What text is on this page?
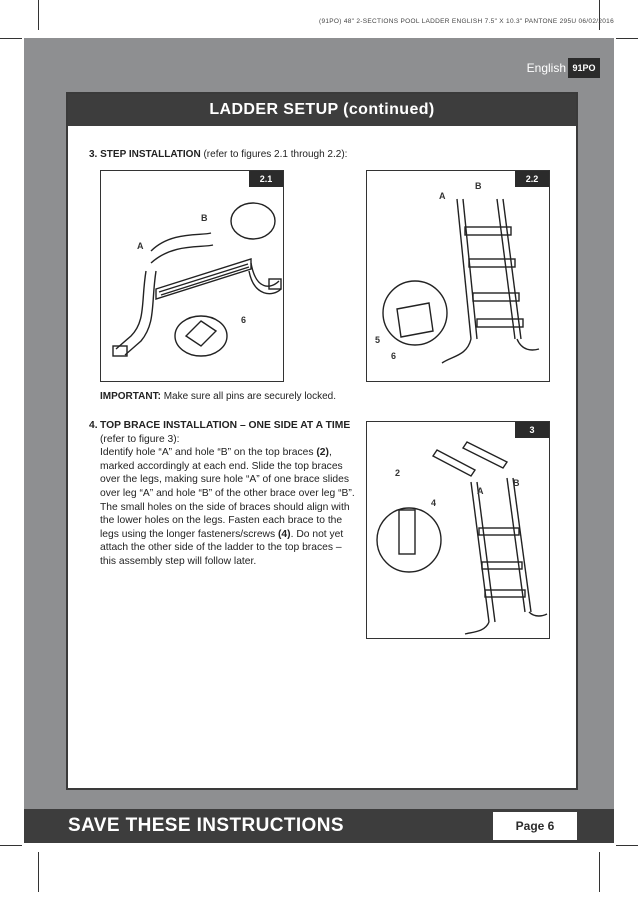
(91PO) 48" 2-SECTIONS POOL LADDER ENGLISH 7.5" X 10.3" PANTONE 295U 06/02/2016
English 91PO
LADDER SETUP (continued)
3. STEP INSTALLATION (refer to figures 2.1 through 2.2):
2.1
A
B
6
2.2
A
B
5
6
IMPORTANT: Make sure all pins are securely locked.
4. TOP BRACE INSTALLATION – ONE SIDE AT A TIME (refer to figure 3):
Identify hole “A” and hole “B” on the top braces (2), marked accordingly at each end. Slide the top braces over the legs, making sure hole “A” of one brace slides over leg “A” and hole “B” of the other brace over leg “B”. The small holes on the side of braces should align with the lower holes on the legs. Fasten each brace to the legs using the longer fasteners/screws (4). Do not yet attach the other side of the ladder to the top braces – this assembly step will follow later.
3
2
4
A
B
SAVE THESE INSTRUCTIONS	Page 6
